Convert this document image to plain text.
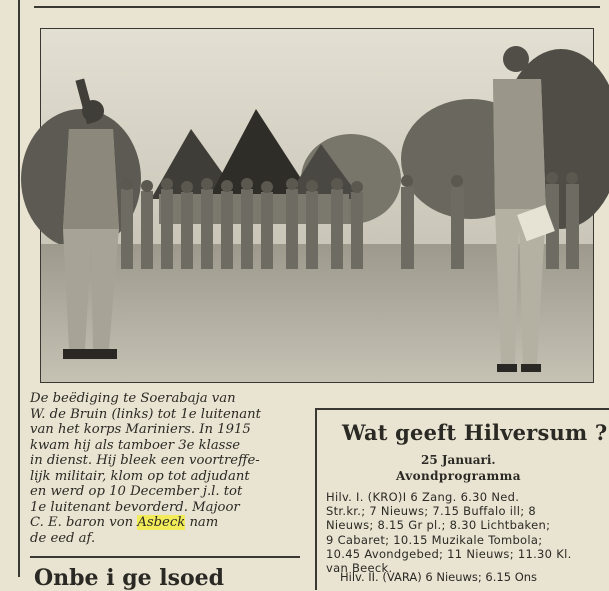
De beëdiging te Soerabaja van
W. de Bruin (links) tot 1e luitenant
van het korps Mariniers. In 1915
kwam hij als tamboer 3e klasse
in dienst. Hij bleek een voortreffe-
lijk militair, klom op tot adjudant
en werd op 10 December j.l. tot
1e luitenant bevorderd. Majoor
C. E. baron von Asbeck nam
de eed af.
Wat geeft Hilversum ?
25 Januari.
Avondprogramma
Hilv. I. (KRO)I 6 Zang. 6.30 Ned.
Str.kr.; 7 Nieuws; 7.15 Buffalo ill; 8
Nieuws; 8.15 Gr pl.; 8.30 Lichtbaken;
9 Cabaret; 10.15 Muzikale Tombola;
10.45 Avondgebed; 11 Nieuws; 11.30 Kl.
van Beeck.
Hilv. II. (VARA) 6 Nieuws; 6.15 Ons
Onbe i ge lsoed
